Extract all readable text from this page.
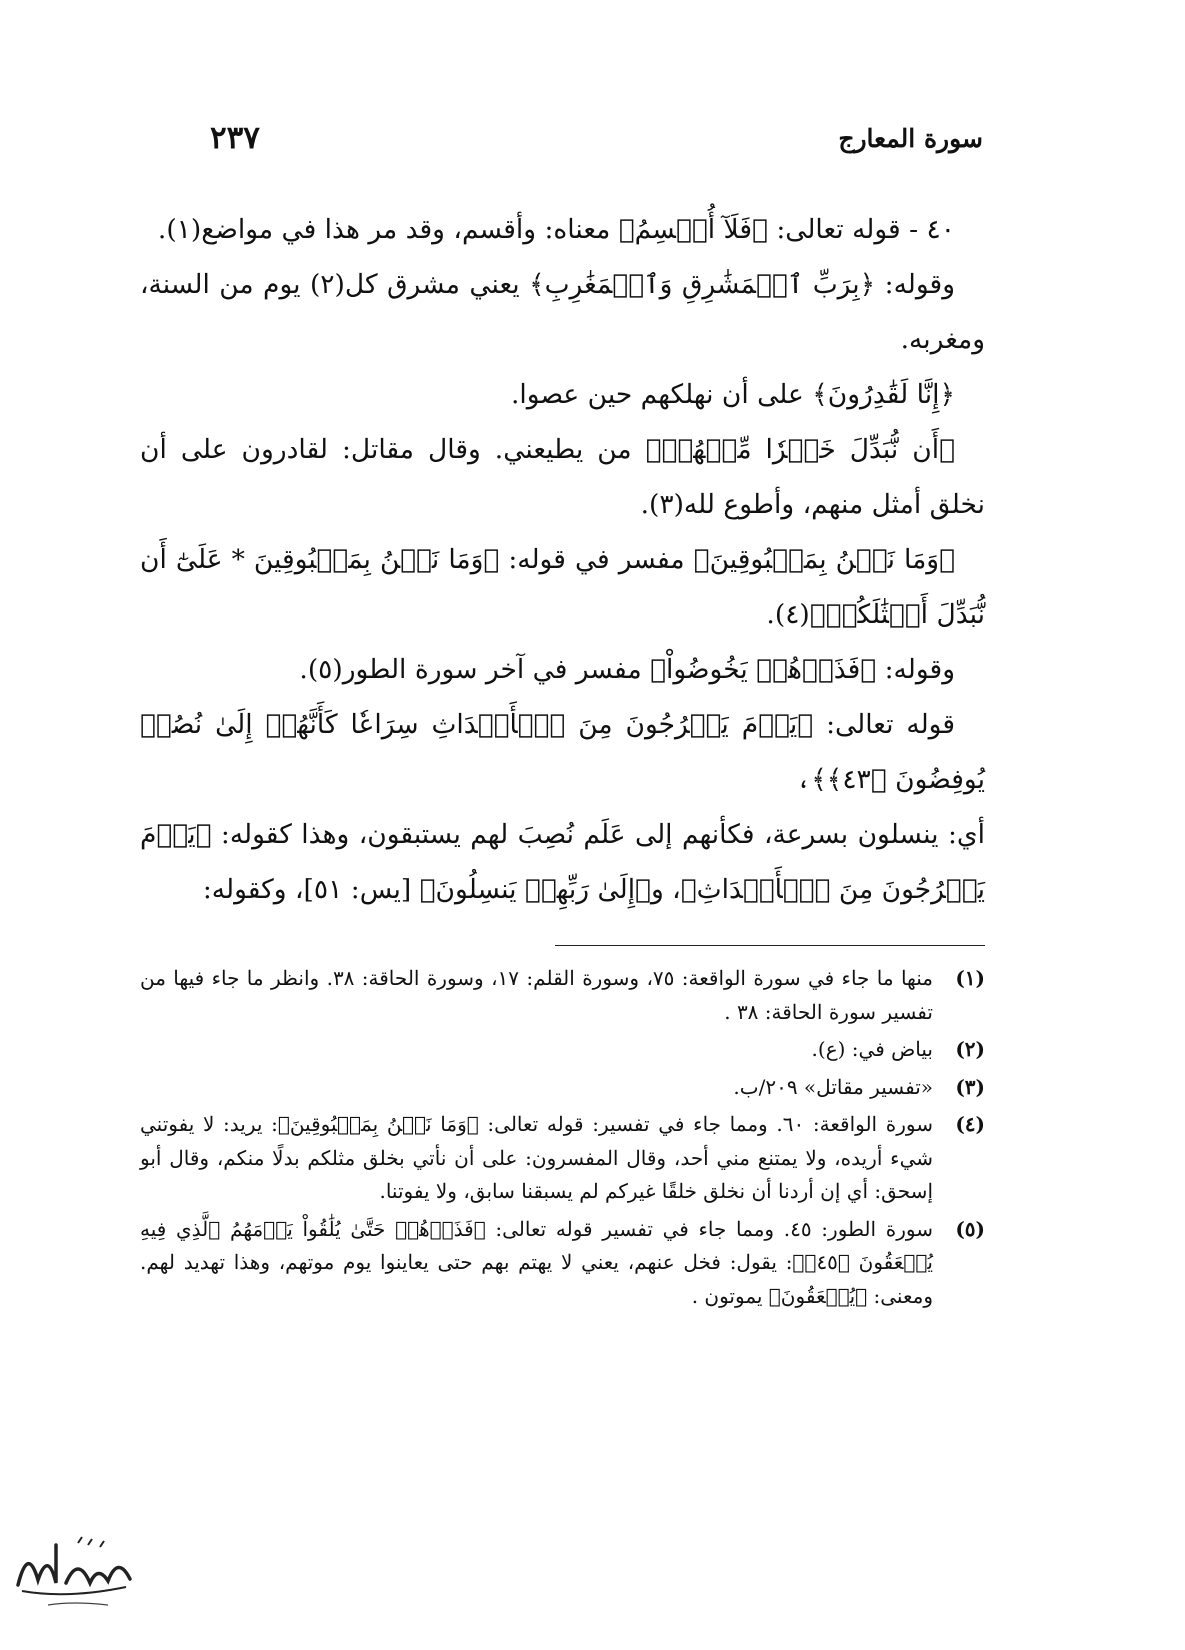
سورة المعارج
٢٣٧

٤٠ - قوله تعالى: ﴿فَلَآ أُقۡسِمُ﴾ معناه: وأقسم، وقد مر هذا في مواضع(١).

وقوله: ﴿بِرَبِّ ٱلۡمَشَٰرِقِ وَٱلۡمَغَٰرِبِ﴾ يعني مشرق كل(٢) يوم من السنة، ومغربه.

﴿إِنَّا لَقَٰدِرُونَ﴾ على أن نهلكهم حين عصوا.

﴿أَن نُّبَدِّلَ خَيۡرٗا مِّنۡهُمۡ﴾ من يطيعني. وقال مقاتل: لقادرون على أن نخلق أمثل منهم، وأطوع لله(٣).

﴿وَمَا نَحۡنُ بِمَسۡبُوقِينَ﴾ مفسر في قوله: ﴿وَمَا نَحۡنُ بِمَسۡبُوقِينَ * عَلَىٰٓ أَن نُّبَدِّلَ أَمۡثَٰلَكُمۡ﴾(٤).

وقوله: ﴿فَذَرۡهُمۡ يَخُوضُواْ﴾ مفسر في آخر سورة الطور(٥).

قوله تعالى: ﴿يَوۡمَ يَخۡرُجُونَ مِنَ ٱلۡأَجۡدَاثِ سِرَاعٗا كَأَنَّهُمۡ إِلَىٰ نُصُبٖ يُوفِضُونَ ﴿٤٣﴾﴾،

أي: ينسلون بسرعة، فكأنهم إلى عَلَم نُصِبَ لهم يستبقون، وهذا كقوله: ﴿يَوۡمَ يَخۡرُجُونَ مِنَ ٱلۡأَجۡدَاثِ﴾، و﴿إِلَىٰ رَبِّهِمۡ يَنسِلُونَ﴾ [يس: ٥١]، وكقوله:

(١)
منها ما جاء في سورة الواقعة: ٧٥، وسورة القلم: ١٧، وسورة الحاقة: ٣٨. وانظر ما جاء فيها من تفسير سورة الحاقة: ٣٨ .
(٢)
بياض في: (ع).
(٣)
«تفسير مقاتل» ٢٠٩/ب.
(٤)
سورة الواقعة: ٦٠. ومما جاء في تفسير: قوله تعالى: ﴿وَمَا نَحۡنُ بِمَسۡبُوقِينَ﴾: يريد: لا يفوتني شيء أريده، ولا يمتنع مني أحد، وقال المفسرون: على أن نأتي بخلق مثلكم بدلًا منكم، وقال أبو إسحق: أي إن أردنا أن نخلق خلقًا غيركم لم يسبقنا سابق، ولا يفوتنا.
(٥)
سورة الطور: ٤٥. ومما جاء في تفسير قوله تعالى: ﴿فَذَرۡهُمۡ حَتَّىٰ يُلَٰقُواْ يَوۡمَهُمُ ٱلَّذِي فِيهِ يُصۡعَقُونَ ﴿٤٥﴾﴾: يقول: فخل عنهم، يعني لا يهتم بهم حتى يعاينوا يوم موتهم، وهذا تهديد لهم. ومعنى: ﴿يُصۡعَقُونَ﴾ يموتون .
